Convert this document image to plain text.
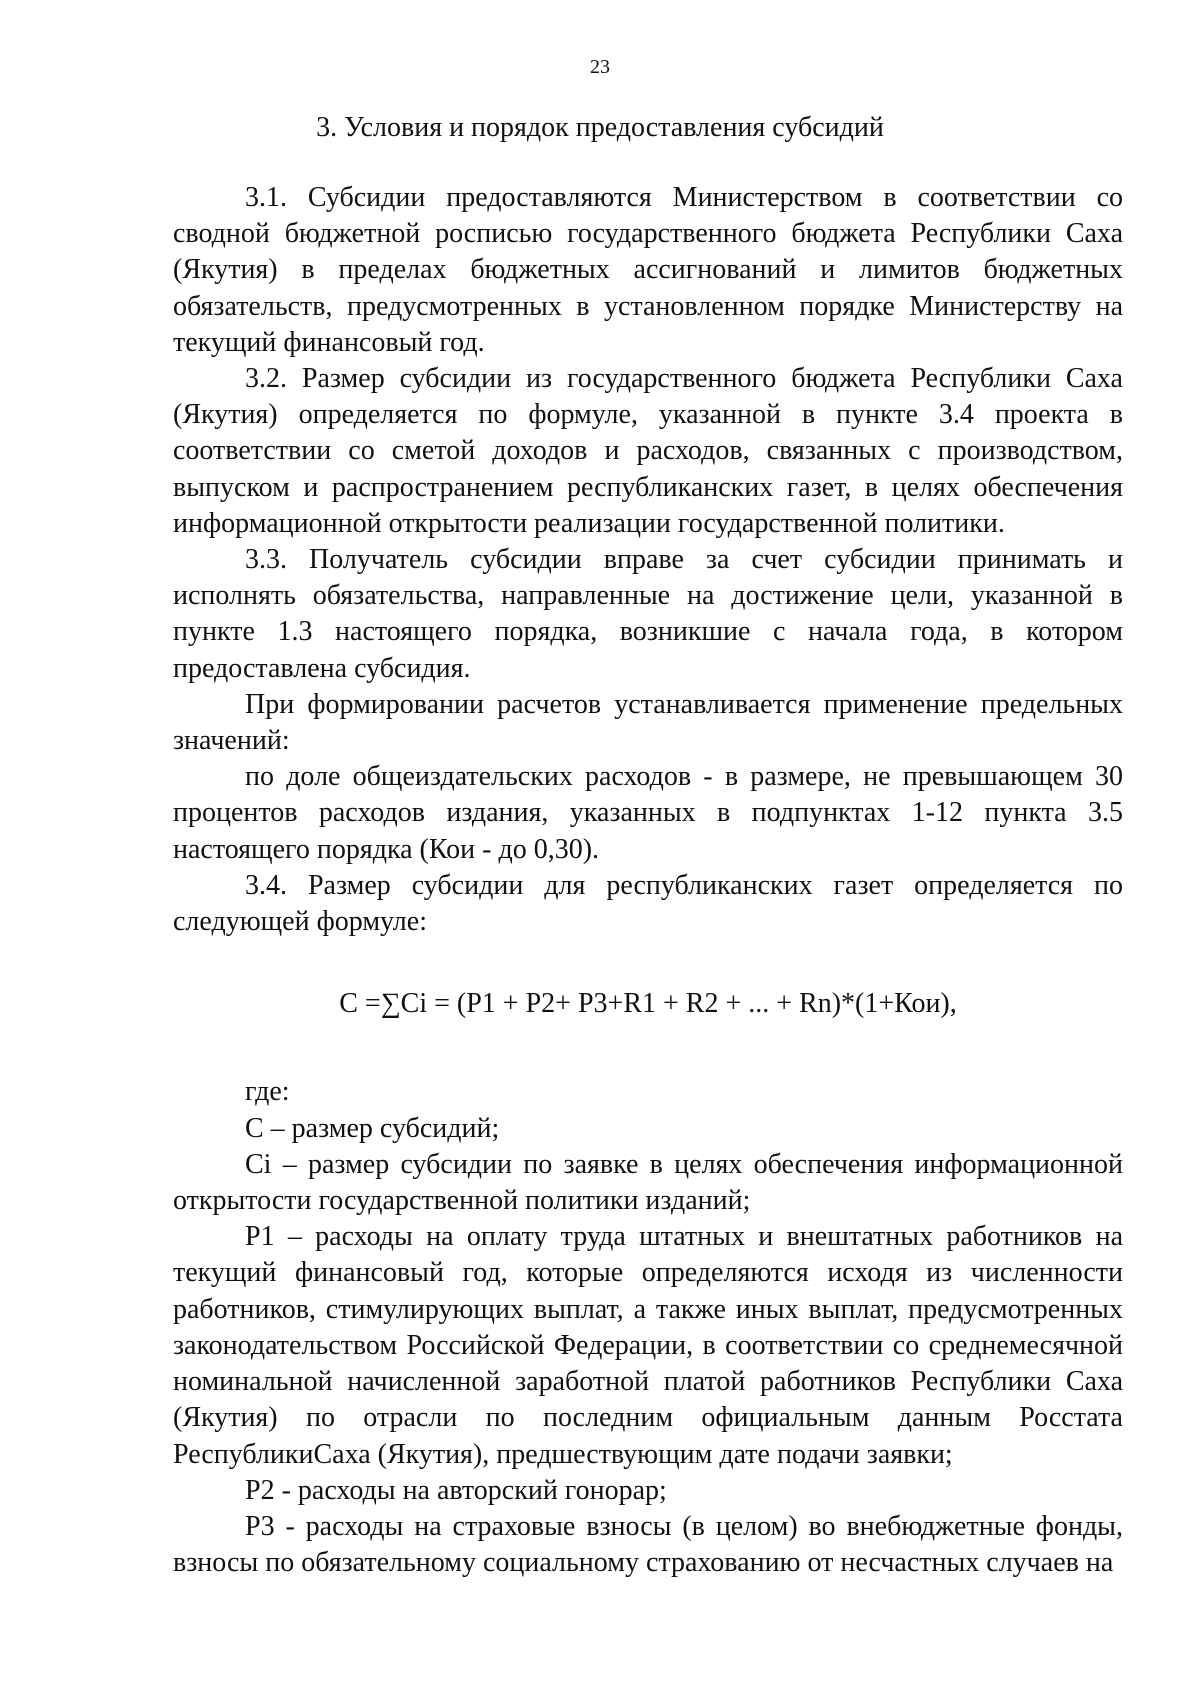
23
3. Условия и порядок предоставления субсидий

3.1. Субсидии предоставляются Министерством в соответствии со сводной бюджетной росписью государственного бюджета Республики Саха (Якутия) в пределах бюджетных ассигнований и лимитов бюджетных обязательств, предусмотренных в установленном порядке Министерству на текущий финансовый год.

3.2. Размер субсидии из государственного бюджета Республики Саха (Якутия) определяется по формуле, указанной в пункте 3.4 проекта в соответствии со сметой доходов и расходов, связанных с производством, выпуском и распространением республиканских газет, в целях обеспечения информационной открытости реализации государственной политики.

3.3. Получатель субсидии вправе за счет субсидии принимать и исполнять обязательства, направленные на достижение цели, указанной в пункте 1.3 настоящего порядка, возникшие с начала года, в котором предоставлена субсидия.

При формировании расчетов устанавливается применение предельных значений:

по доле общеиздательских расходов - в размере, не превышающем 30 процентов расходов издания, указанных в подпунктах 1-12 пункта 3.5 настоящего порядка (Кои - до 0,30).

3.4. Размер субсидии для республиканских газет определяется по следующей формуле:

С =∑Сi = (Р1 + Р2+ Р3+R1 + R2 + ... + Rn)*(1+Кои),

где:

С – размер субсидий;

Сi – размер субсидии по заявке в целях обеспечения информационной открытости государственной политики изданий;

Р1 – расходы на оплату труда штатных и внештатных работников на текущий финансовый год, которые определяются исходя из численности работников, стимулирующих выплат, а также иных выплат, предусмотренных законодательством Российской Федерации, в соответствии со среднемесячной номинальной начисленной заработной платой работников Республики Саха (Якутия) по отрасли по последним официальным данным Росстата РеспубликиСаха (Якутия), предшествующим дате подачи заявки;

Р2 - расходы на авторский гонорар;

Р3 - расходы на страховые взносы (в целом) во внебюджетные фонды, взносы по обязательному социальному страхованию от несчастных случаев на
